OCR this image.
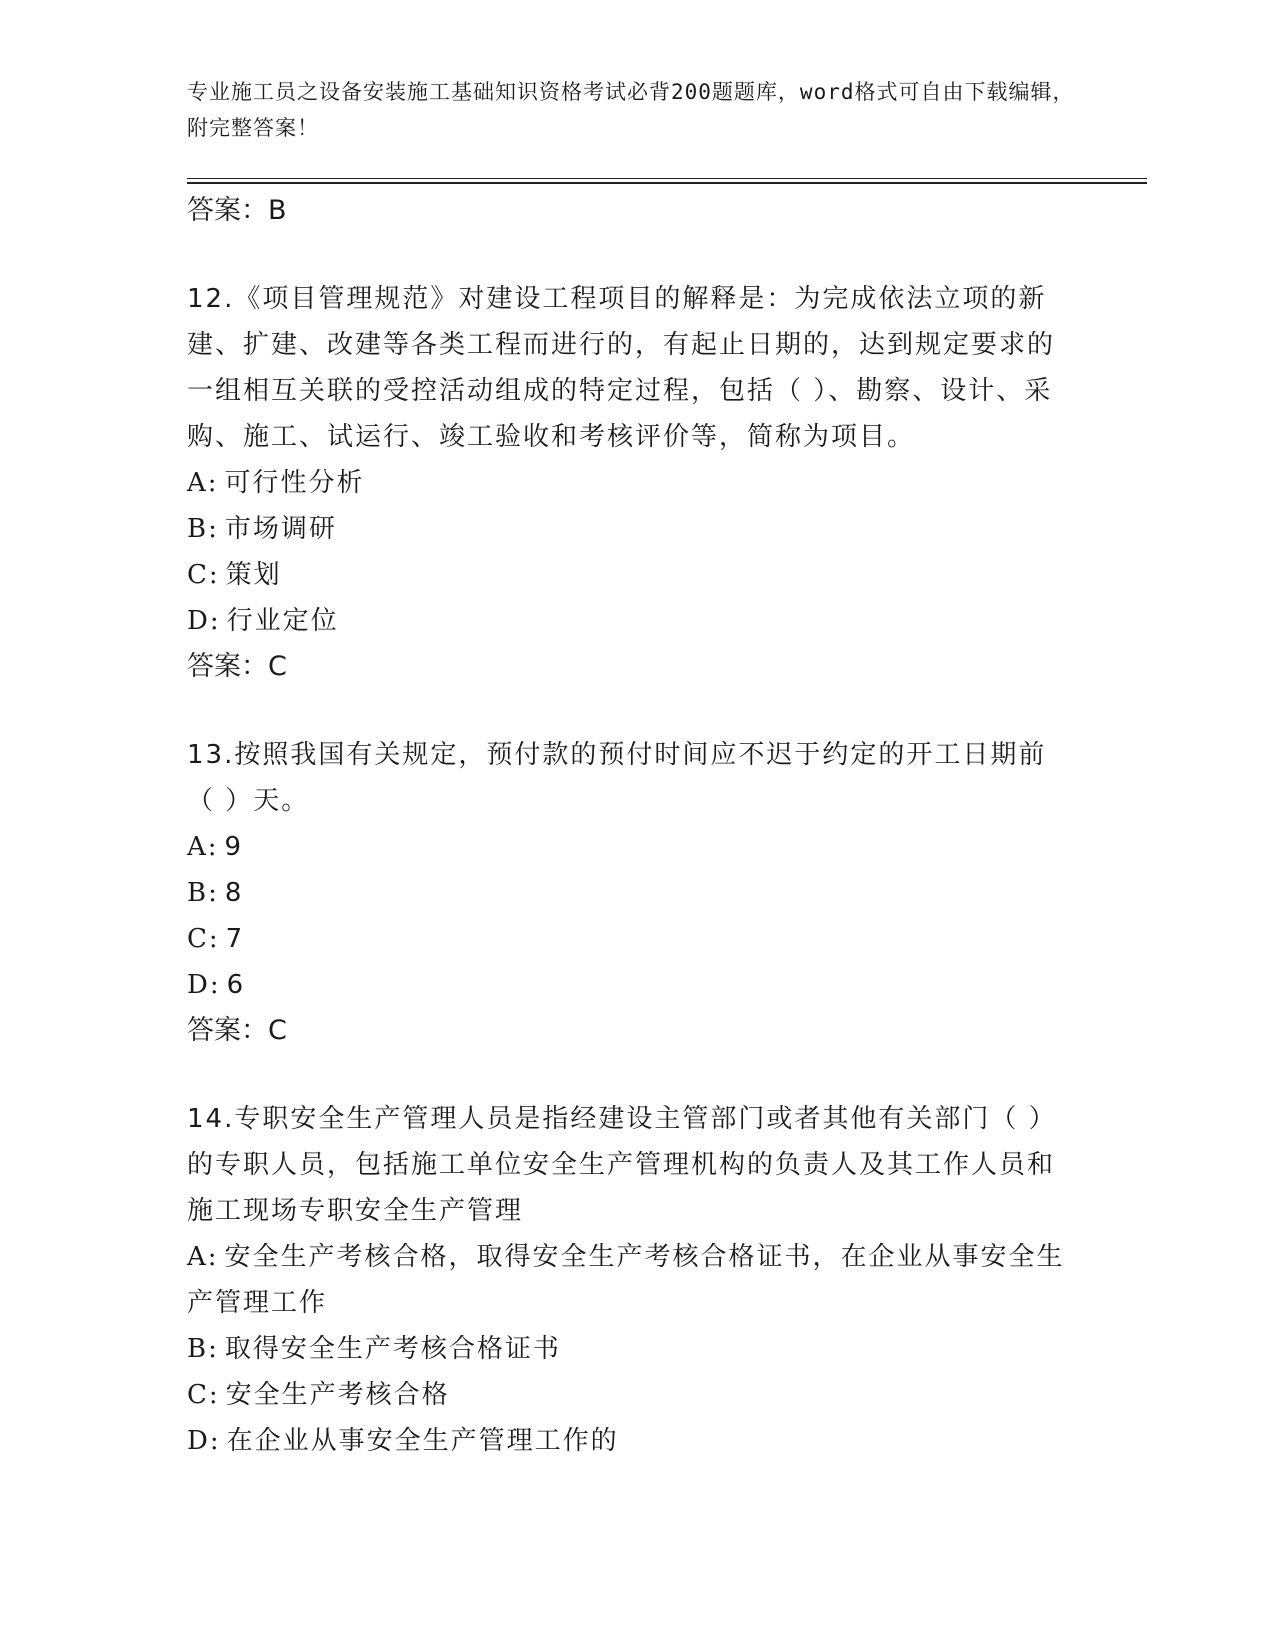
专业施工员之设备安装施工基础知识资格考试必背200题题库，word格式可自由下载编辑，附完整答案！
答案：B
12.《项目管理规范》对建设工程项目的解释是：为完成依法立项的新建、扩建、改建等各类工程而进行的，有起止日期的，达到规定要求的一组相互关联的受控活动组成的特定过程，包括（ ）、勘察、设计、采购、施工、试运行、竣工验收和考核评价等，简称为项目。
A: 可行性分析
B: 市场调研
C: 策划
D: 行业定位
答案：C
13.按照我国有关规定，预付款的预付时间应不迟于约定的开工日期前（ ）天。
A: 9
B: 8
C: 7
D: 6
答案：C
14.专职安全生产管理人员是指经建设主管部门或者其他有关部门（ ）的专职人员，包括施工单位安全生产管理机构的负责人及其工作人员和施工现场专职安全生产管理
A: 安全生产考核合格，取得安全生产考核合格证书，在企业从事安全生产管理工作
B: 取得安全生产考核合格证书
C: 安全生产考核合格
D: 在企业从事安全生产管理工作的
